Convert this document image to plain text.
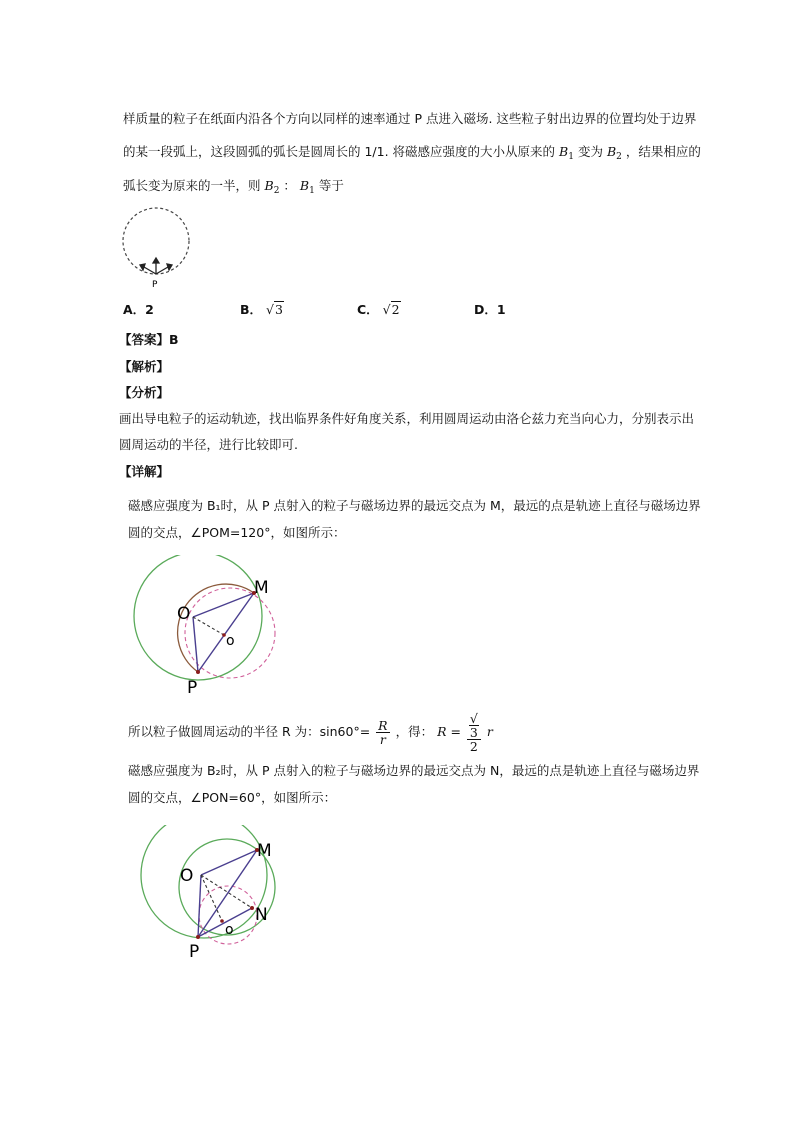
样质量的粒子在纸面内沿各个方向以同样的速率通过 P 点进入磁场. 这些粒子射出边界的位置均处于边界
的某一段弧上，这段圆弧的弧长是圆周长的 1/1. 将磁感应强度的大小从原来的 $B_1$ 变为 $B_2$ ，结果相应的
弧长变为原来的一半，则 $B_2$ ： $B_1$ 等于
P
A．2	B． √3	C． √2	D．1
【答案】B
【解析】
【分析】
画出导电粒子的运动轨迹，找出临界条件好角度关系，利用圆周运动由洛仑兹力充当向心力，分别表示出
圆周运动的半径，进行比较即可.
【详解】
磁感应强度为 B₁时，从 P 点射入的粒子与磁场边界的最远交点为 M，最远的点是轨迹上直径与磁场边界
圆的交点，∠POM=120°，如图所示：
M
O
o
P
所以粒子做圆周运动的半径 R 为：$\sin 60^\circ= \frac{R}{r}$ ，得： R = √
3
2 r
磁感应强度为 B₂时，从 P 点射入的粒子与磁场边界的最远交点为 N，最远的点是轨迹上直径与磁场边界
圆的交点，∠PON=60°，如图所示：
M
O
N
o
P
